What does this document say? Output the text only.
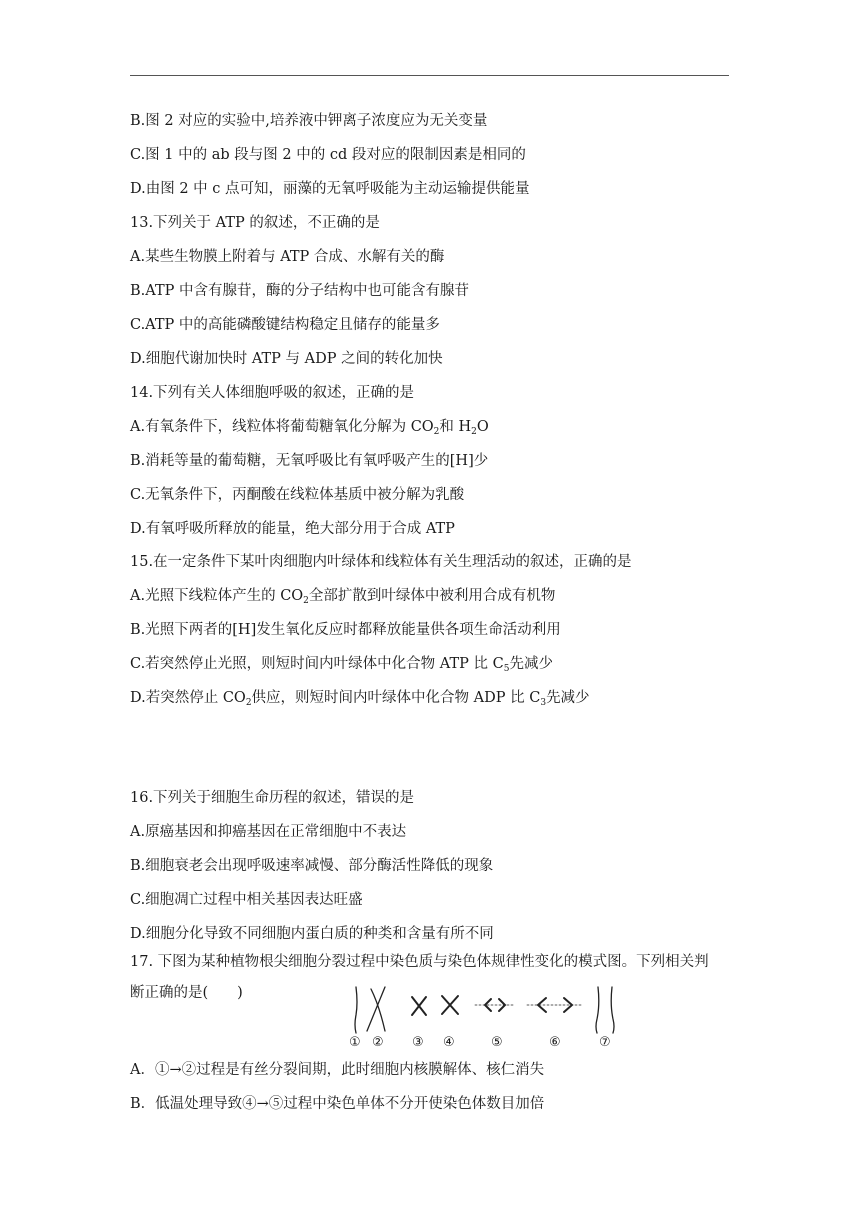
B.图 2 对应的实验中,培养液中钾离子浓度应为无关变量
C.图 1 中的 ab 段与图 2 中的 cd 段对应的限制因素是相同的
D.由图 2 中 c 点可知，丽藻的无氧呼吸能为主动运输提供能量
13.下列关于 ATP 的叙述，不正确的是
A.某些生物膜上附着与 ATP 合成、水解有关的酶
B.ATP 中含有腺苷，酶的分子结构中也可能含有腺苷
C.ATP 中的高能磷酸键结构稳定且储存的能量多
D.细胞代谢加快时 ATP 与 ADP 之间的转化加快
14.下列有关人体细胞呼吸的叙述，正确的是
A.有氧条件下，线粒体将葡萄糖氧化分解为 $CO_2$和 $H_2O$
B.消耗等量的葡萄糖，无氧呼吸比有氧呼吸产生的[H]少
C.无氧条件下，丙酮酸在线粒体基质中被分解为乳酸
D.有氧呼吸所释放的能量，绝大部分用于合成 ATP
15.在一定条件下某叶肉细胞内叶绿体和线粒体有关生理活动的叙述，正确的是
A.光照下线粒体产生的 $CO_2$全部扩散到叶绿体中被利用合成有机物
B.光照下两者的[H]发生氧化反应时都释放能量供各项生命活动利用
C.若突然停止光照，则短时间内叶绿体中化合物 ATP 比 $C_5$先减少
D.若突然停止 $CO_2$供应，则短时间内叶绿体中化合物 ADP 比 $C_3$先减少
16.下列关于细胞生命历程的叙述，错误的是
A.原癌基因和抑癌基因在正常细胞中不表达
B.细胞衰老会出现呼吸速率减慢、部分酶活性降低的现象
C.细胞凋亡过程中相关基因表达旺盛
D.细胞分化导致不同细胞内蛋白质的种类和含量有所不同
17. 下图为某种植物根尖细胞分裂过程中染色质与染色体规律性变化的模式图。下列相关判
断正确的是(　　)
① ② ③ ④	⑤	⑥	⑦
A．①→②过程是有丝分裂间期，此时细胞内核膜解体、核仁消失
B．低温处理导致④→⑤过程中染色单体不分开使染色体数目加倍
